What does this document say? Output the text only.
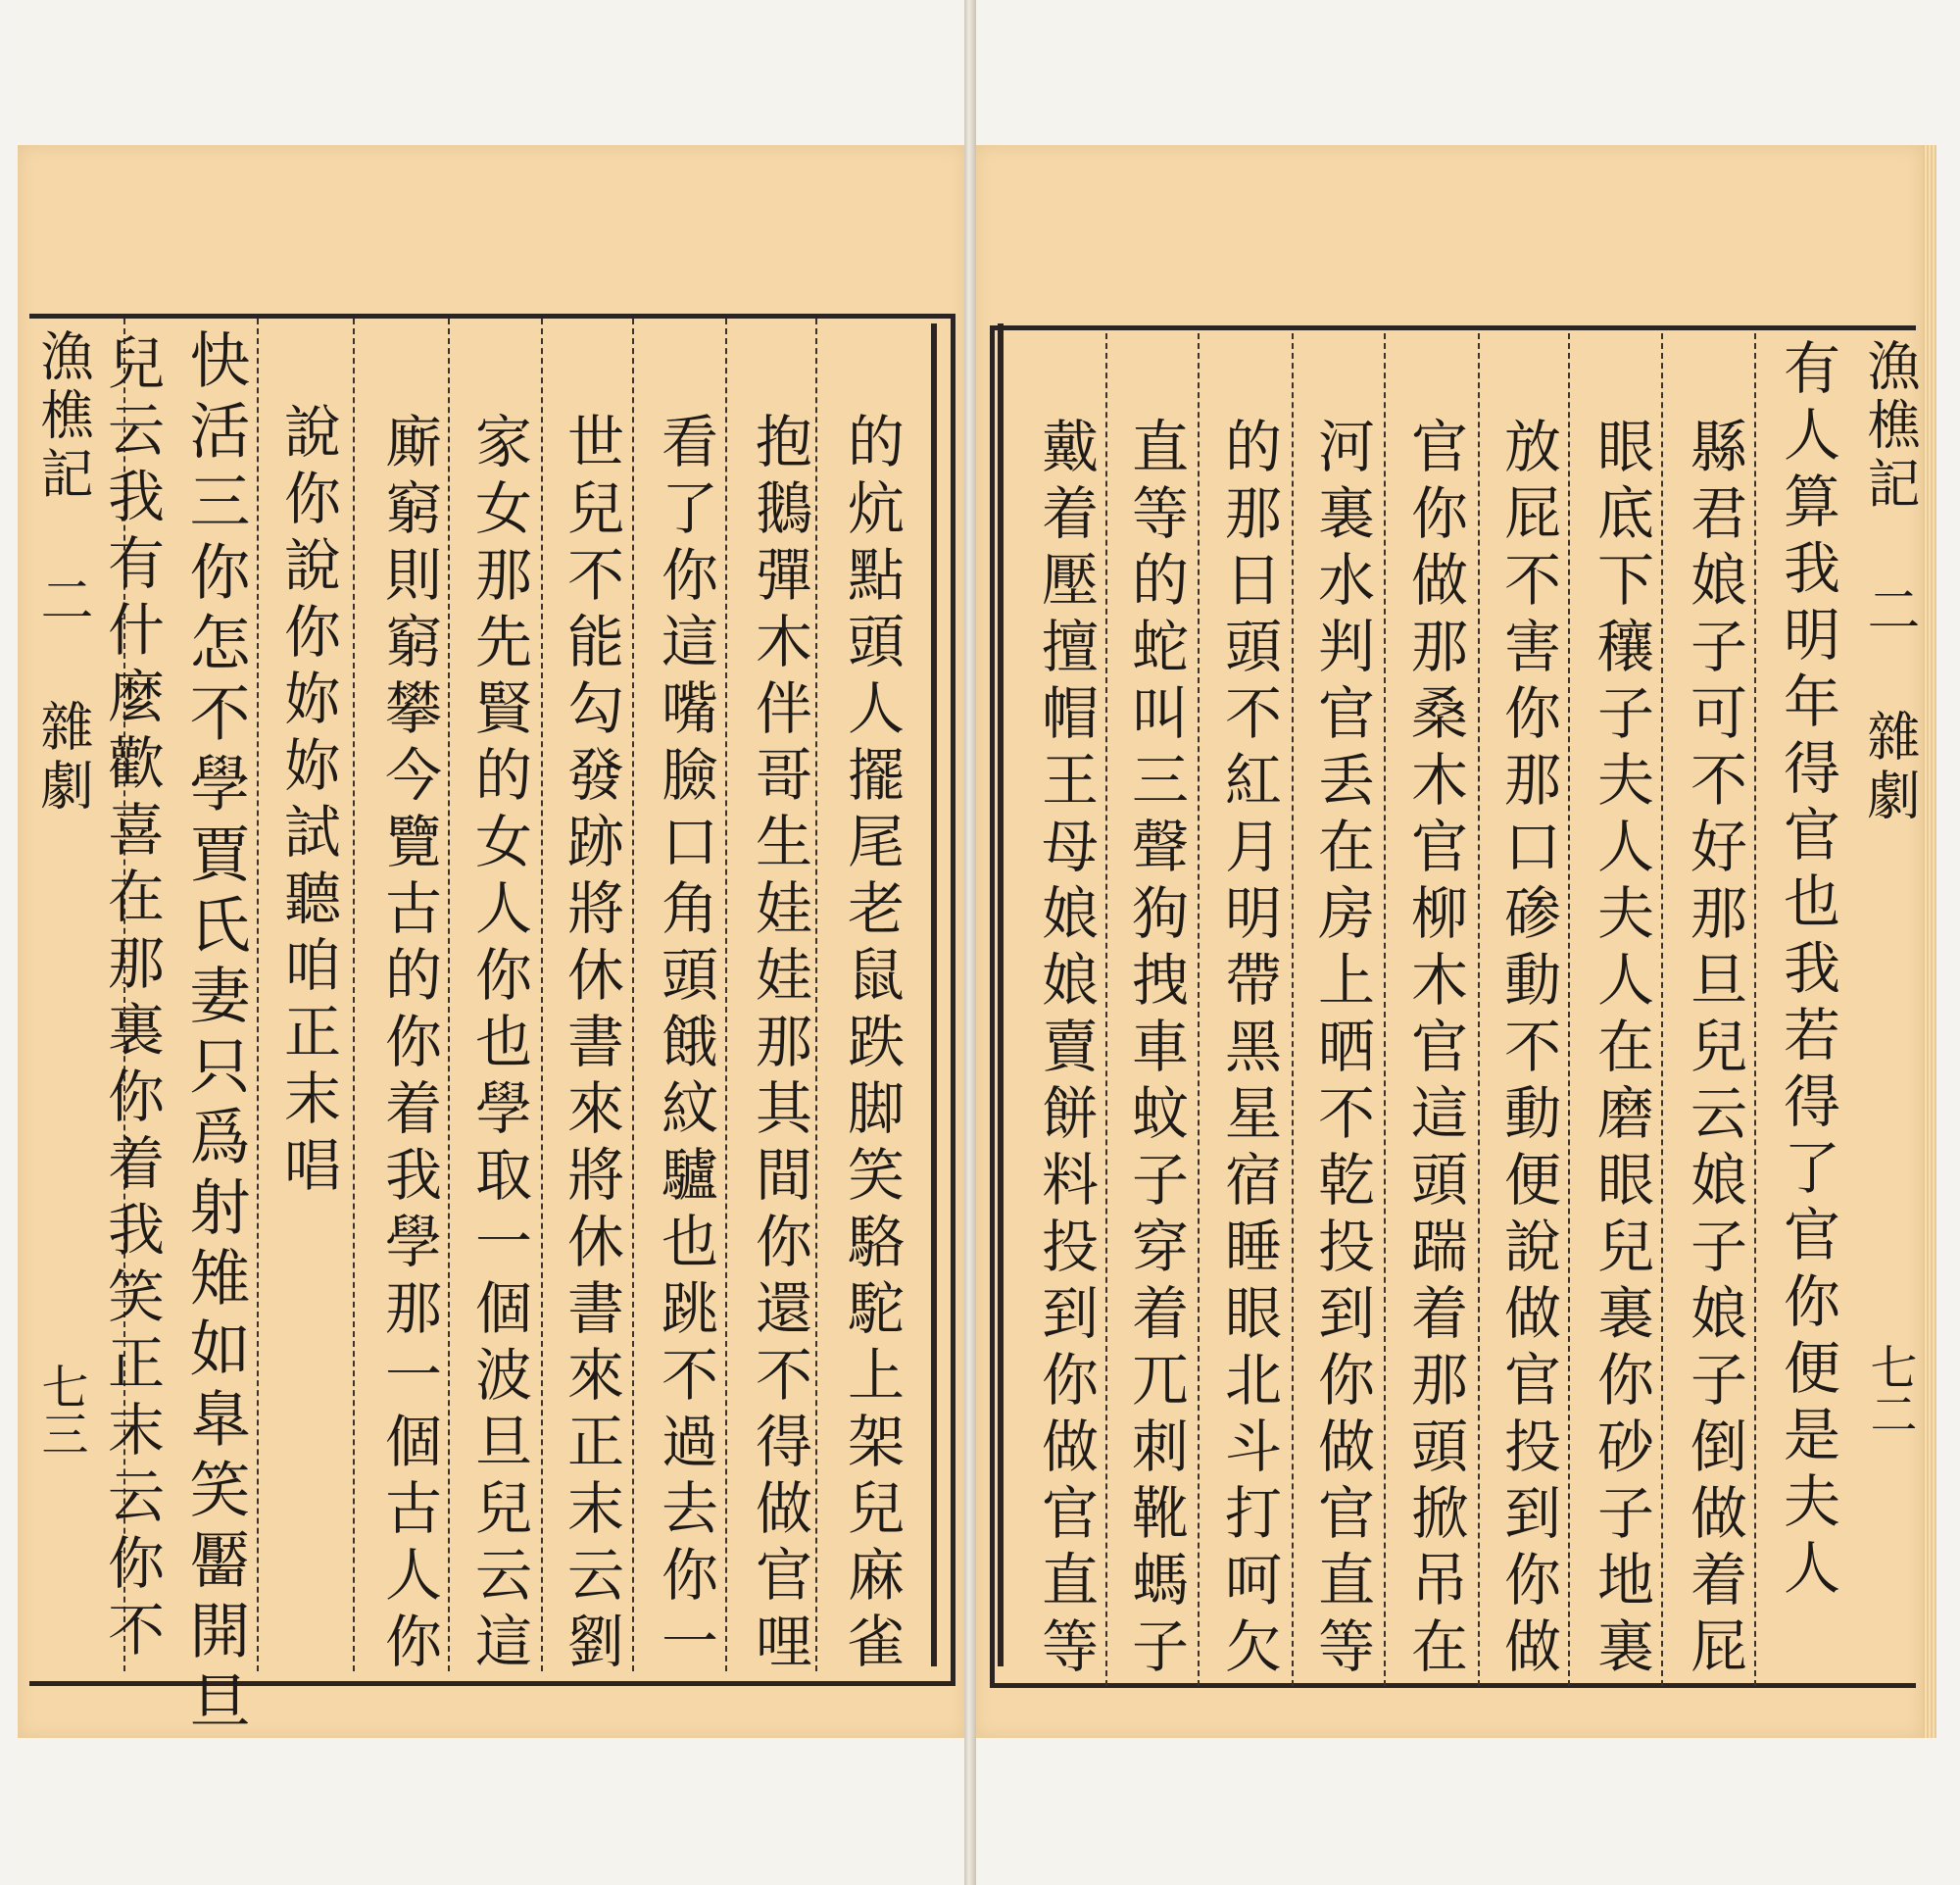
漁樵記 二 雜劇
七三 兒云我有什麼歡喜在那裏你着我笑正末云你不 快活三你怎不學賈氏妻只爲射雉如臯笑靨開旦 說你說你妳妳試聽咱正末唱 廝窮則窮攀今覽古的你着我學那一個古人你 家女那先賢的女人你也學取一個波旦兒云這 世兒不能勾發跡將休書來將休書來正末云劉 看了你這嘴臉口角頭餓紋驢也跳不過去你一 抱鵝彈木伴哥生娃娃那其間你還不得做官哩 的炕點頭人擺尾老鼠跌脚笑駱駝上架兒麻雀 戴着壓擅帽王母娘娘賣餅料投到你做官直等 直等的蛇叫三聲狗拽車蚊子穿着兀刺靴螞子 的那日頭不紅月明帶黑星宿睡眼北斗打呵欠 河裏水判官丢在房上晒不乾投到你做官直等 官你做那桑木官柳木官這頭踹着那頭掀吊在 放屁不害你那口碜動不動便說做官投到你做 眼底下穰子夫人夫人在磨眼兒裏你砂子地裏 縣君娘子可不好那旦兒云娘子娘子倒做着屁 有人算我明年得官也我若得了官你便是夫人 漁樵記 二 雜劇
七二
